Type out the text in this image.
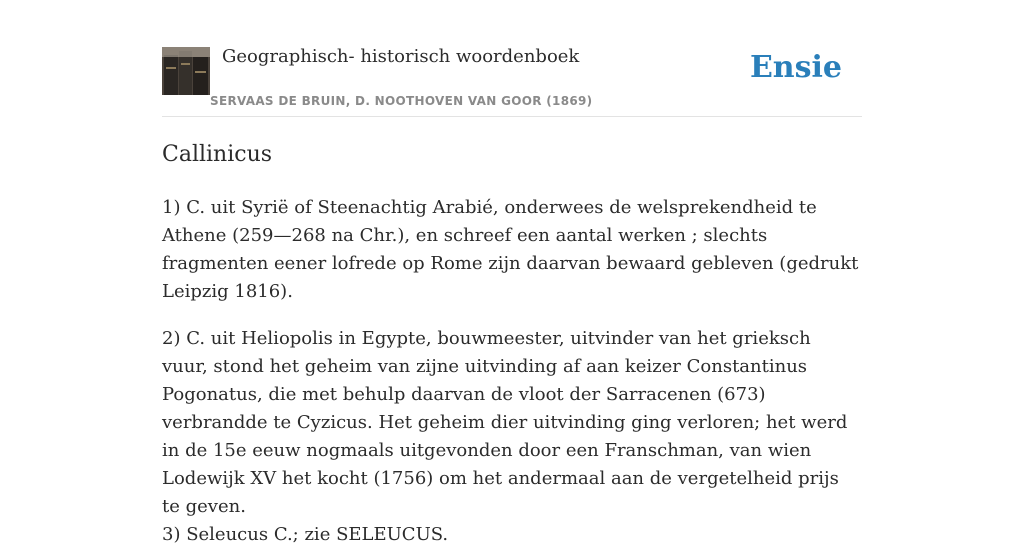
Geographisch- historisch woordenboek
SERVAAS DE BRUIN, D. NOOTHOVEN VAN GOOR (1869)
Ensie
Callinicus

1) C. uit Syrië of Steenachtig Arabié, onderwees de welsprekendheid te Athene (259—268 na Chr.), en schreef een aantal werken ; slechts fragmenten eener lofrede op Rome zijn daarvan bewaard gebleven (gedrukt Leipzig 1816).

2) C. uit Heliopolis in Egypte, bouwmeester, uitvinder van het grieksch vuur, stond het geheim van zijne uitvinding af aan keizer Constantinus Pogonatus, die met behulp daarvan de vloot der Sarracenen (673) verbrandde te Cyzicus. Het geheim dier uitvinding ging verloren; het werd in de 15e eeuw nogmaals uitgevonden door een Franschman, van wien Lodewijk XV het kocht (1756) om het andermaal aan de vergetelheid prijs te geven.

3) Seleucus C.; zie SELEUCUS.
